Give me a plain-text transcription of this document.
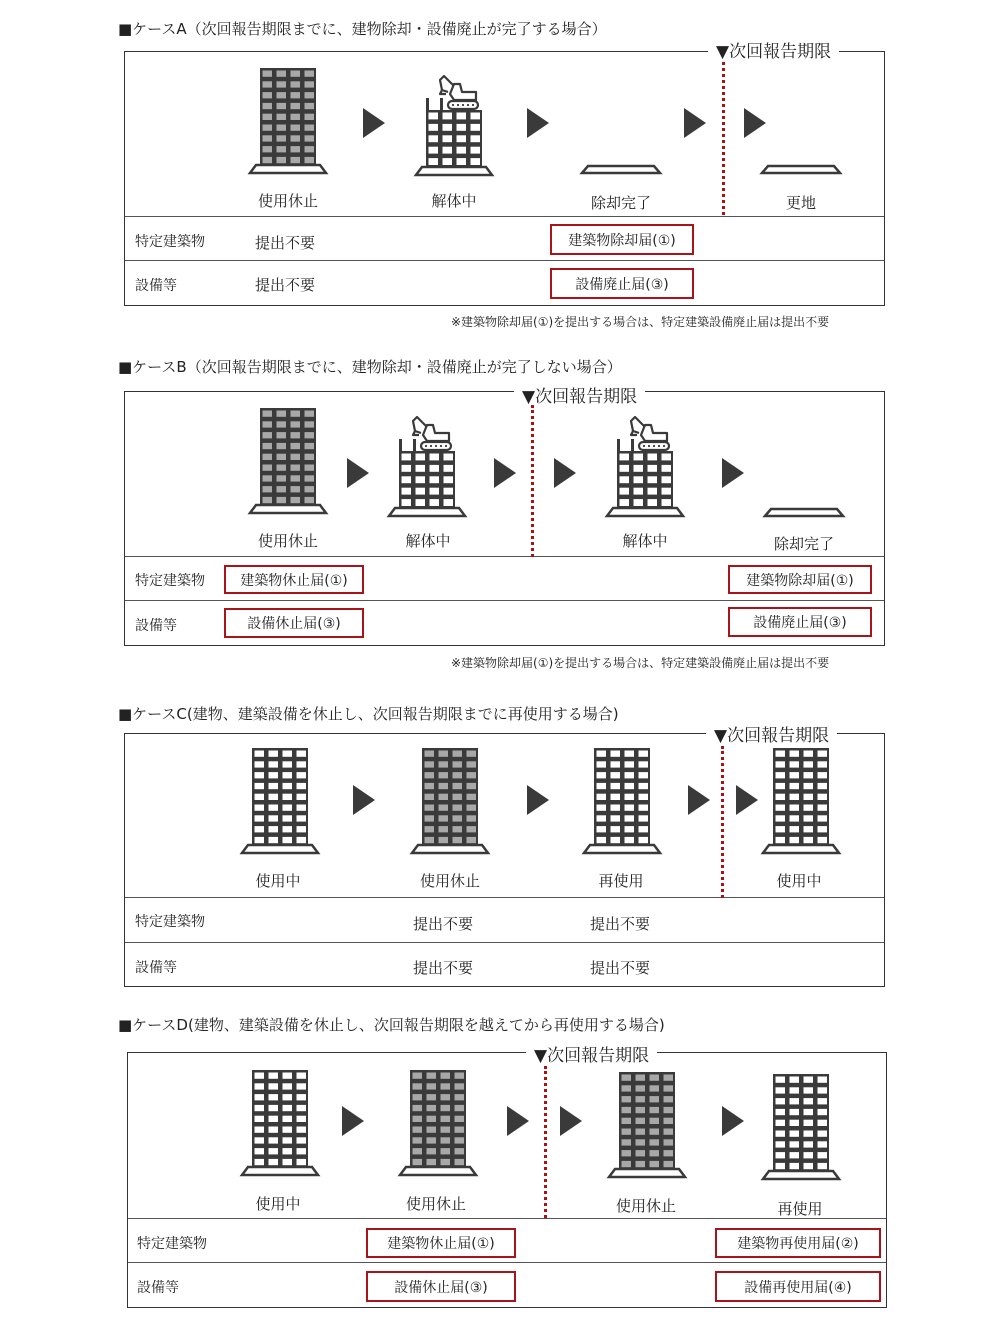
■ケースA（次回報告期限までに、建物除却・設備廃止が完了する場合）
▼次回報告期限
使用休止	解体中	除却完了	更地
特定建築物	提出不要	建築物除却届(①)
設備等	提出不要	設備廃止届(③)
※建築物除却届(①)を提出する場合は、特定建築設備廃止届は提出不要
■ケースB（次回報告期限までに、建物除却・設備廃止が完了しない場合）
▼次回報告期限
使用休止	解体中	解体中	除却完了
特定建築物	建築物休止届(①)	建築物除却届(①)
設備等	設備休止届(③)	設備廃止届(③)
※建築物除却届(①)を提出する場合は、特定建築設備廃止届は提出不要
■ケースC(建物、建築設備を休止し、次回報告期限までに再使用する場合)
▼次回報告期限
使用中	使用休止	再使用	使用中
特定建築物	提出不要	提出不要
設備等	提出不要	提出不要
■ケースD(建物、建築設備を休止し、次回報告期限を越えてから再使用する場合)
▼次回報告期限
使用中	使用休止	使用休止	再使用
特定建築物	建築物休止届(①)	建築物再使用届(②)
設備等	設備休止届(③)	設備再使用届(④)
